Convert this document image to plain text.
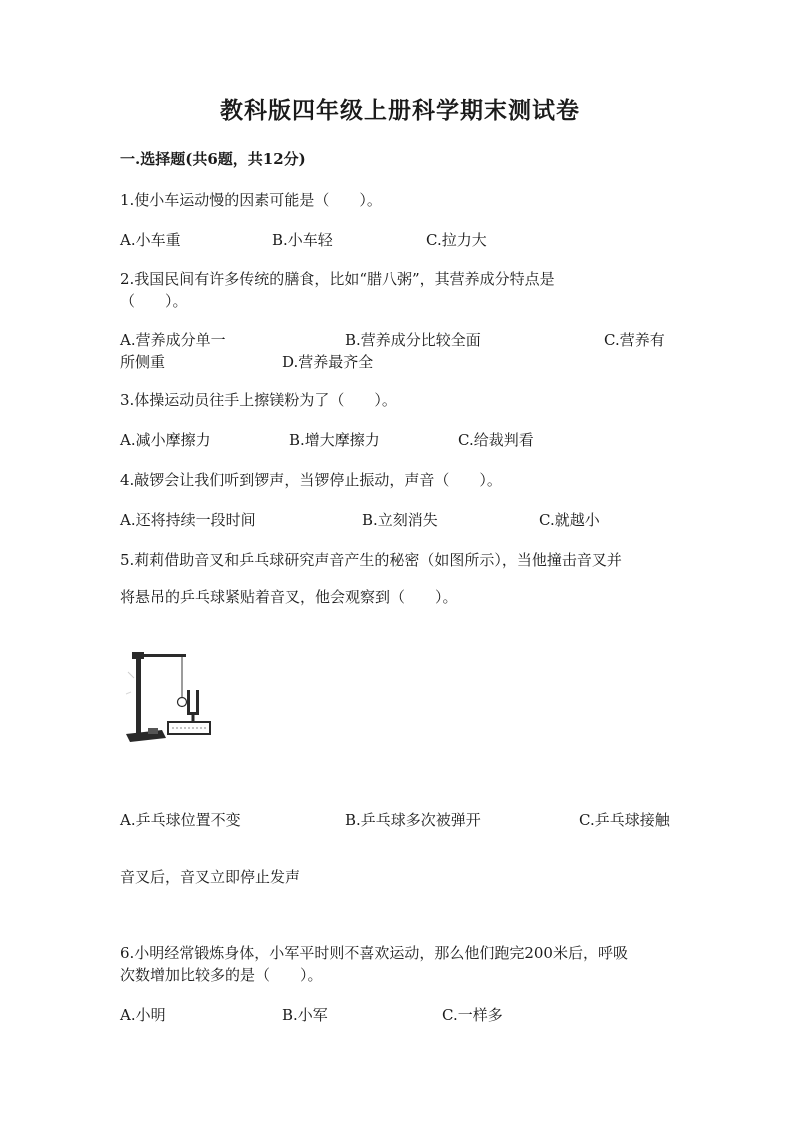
教科版四年级上册科学期末测试卷
一.选择题(共6题，共12分)
1.使小车运动慢的因素可能是（　　）。
A.小车重	B.小车轻	C.拉力大
2.我国民间有许多传统的膳食，比如“腊八粥”，其营养成分特点是
（　　）。
A.营养成分单一	B.营养成分比较全面	C.营养有
所侧重	D.营养最齐全
3.体操运动员往手上擦镁粉为了（　　）。
A.减小摩擦力	B.增大摩擦力	C.给裁判看
4.敲锣会让我们听到锣声，当锣停止振动，声音（　　）。
A.还将持续一段时间	B.立刻消失	C.就越小
5.莉莉借助音叉和乒乓球研究声音产生的秘密（如图所示），当他撞击音叉并
将悬吊的乒乓球紧贴着音叉，他会观察到（　　）。
A.乒乓球位置不变	B.乒乓球多次被弹开	C.乒乓球接触
音叉后，音叉立即停止发声
6.小明经常锻炼身体，小军平时则不喜欢运动，那么他们跑完200米后，呼吸
次数增加比较多的是（　　）。
A.小明	B.小军	C.一样多
